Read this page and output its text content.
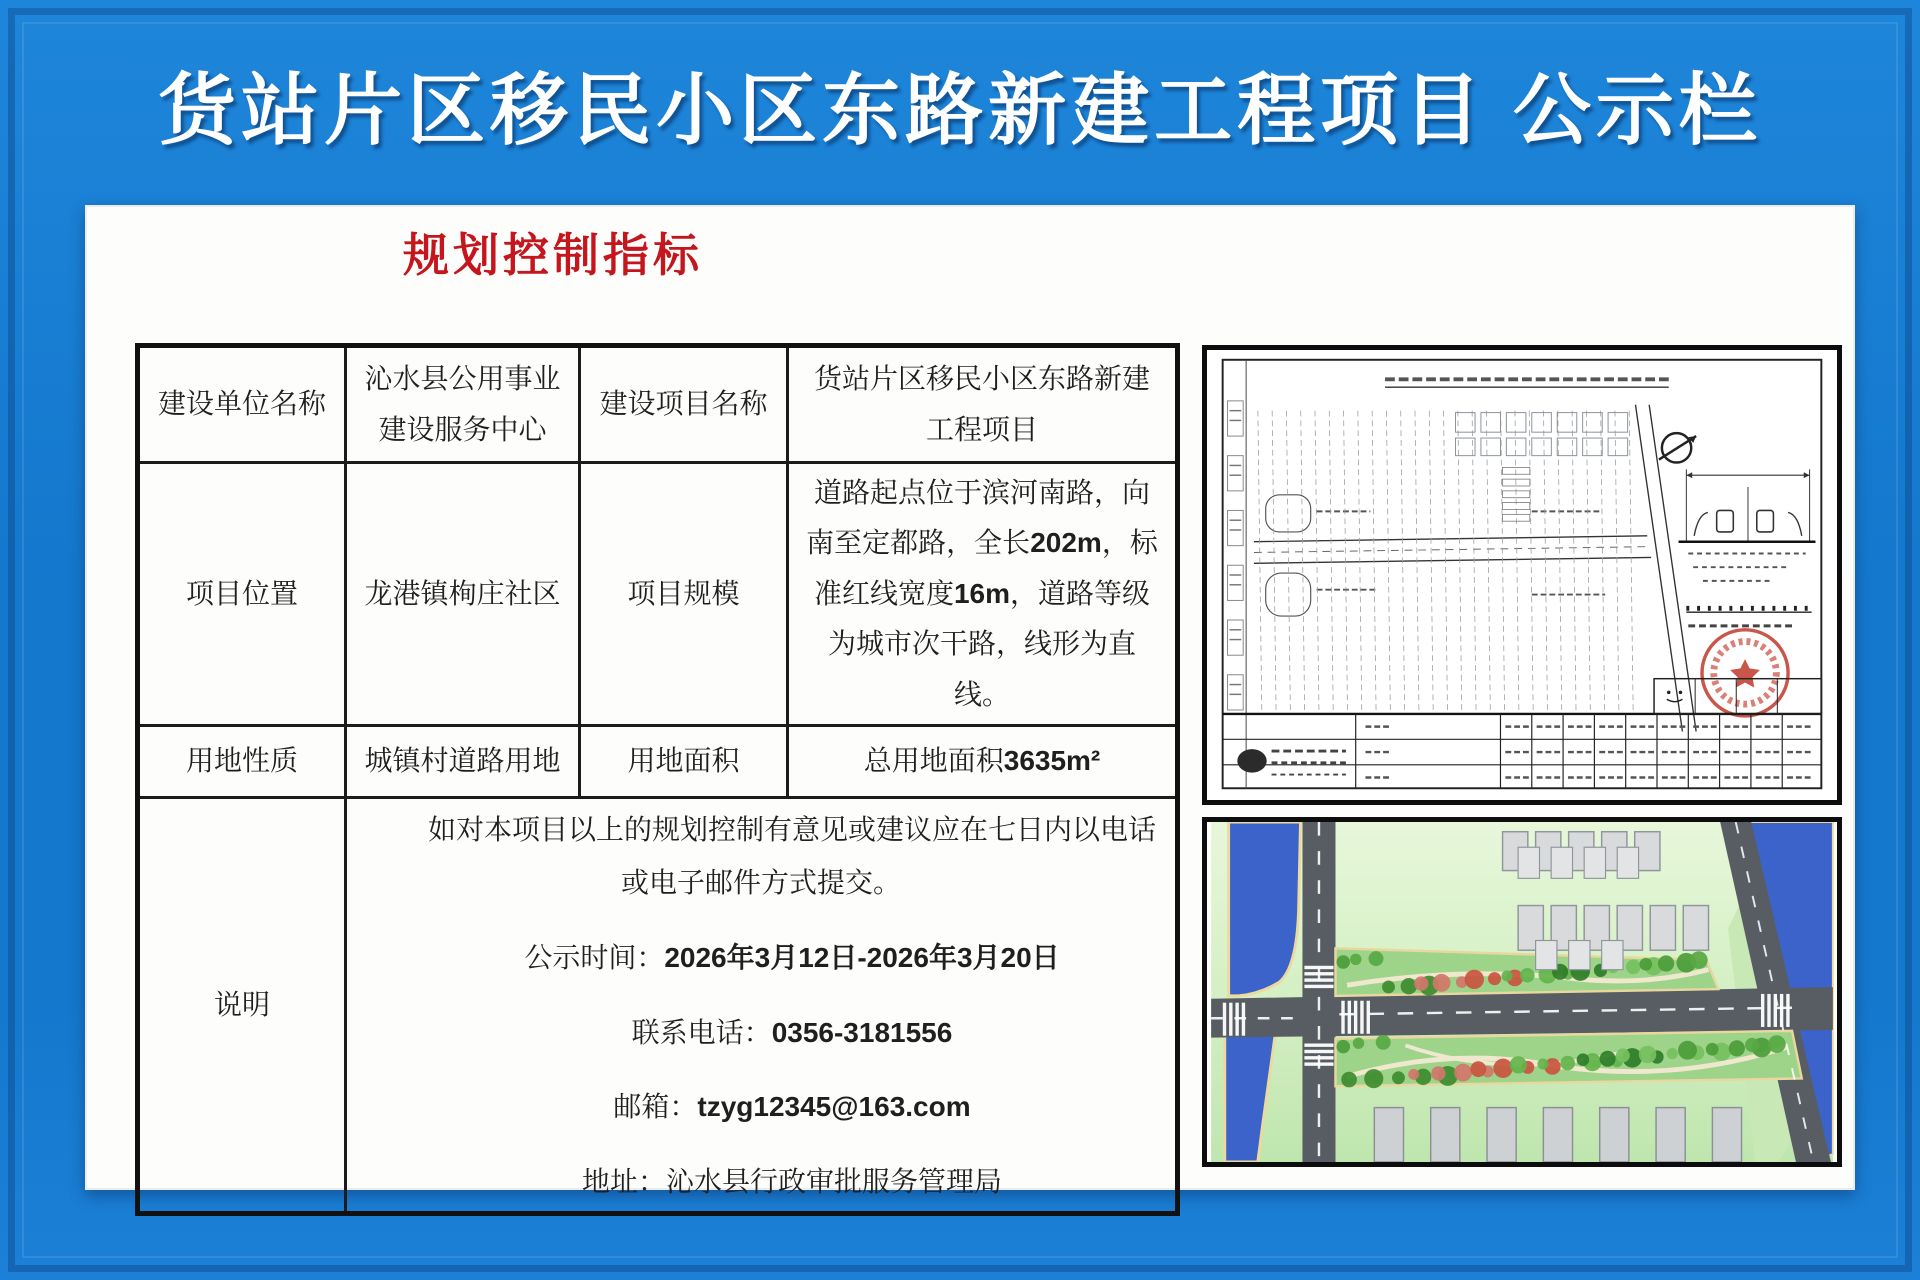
货站片区移民小区东路新建工程项目 公示栏
规划控制指标
建设单位名称	沁水县公用事业建设服务中心	建设项目名称	货站片区移民小区东路新建工程项目
项目位置	龙港镇栒庄社区	项目规模	道路起点位于滨河南路，向南至定都路，全长202m，标准红线宽度16m，道路等级为城市次干路，线形为直线。
用地性质	城镇村道路用地	用地面积	总用地面积3635m²
说明	如对本项目以上的规划控制有意见或建议应在七日内以电话或电子邮件方式提交。

公示时间：2026年3月12日-2026年3月20日
联系电话：0356-3181556
邮箱：tzyg12345@163.com
地址：沁水县行政审批服务管理局		
